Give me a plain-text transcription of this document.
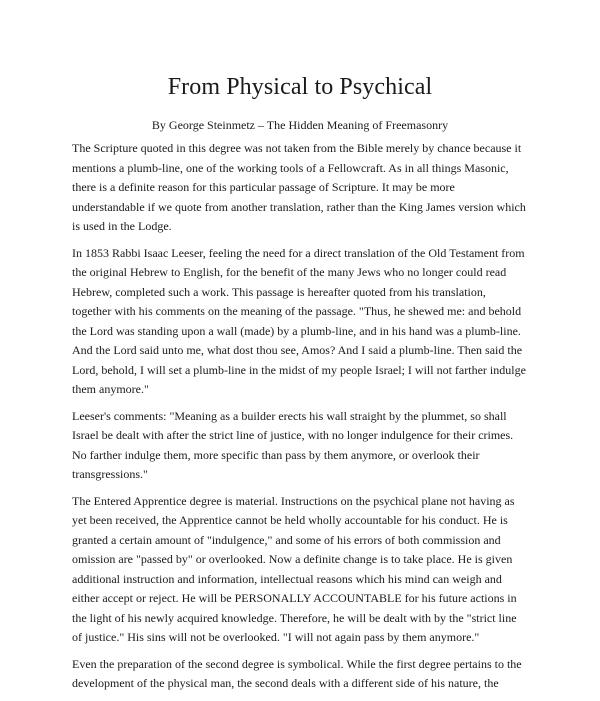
From Physical to Psychical

By George Steinmetz – The Hidden Meaning of Freemasonry

The Scripture quoted in this degree was not taken from the Bible merely by chance because it mentions a plumb-line, one of the working tools of a Fellowcraft. As in all things Masonic, there is a definite reason for this particular passage of Scripture. It may be more understandable if we quote from another translation, rather than the King James version which is used in the Lodge.

In 1853 Rabbi Isaac Leeser, feeling the need for a direct translation of the Old Testament from the original Hebrew to English, for the benefit of the many Jews who no longer could read Hebrew, completed such a work. This passage is hereafter quoted from his translation, together with his comments on the meaning of the passage. "Thus, he shewed me: and behold the Lord was standing upon a wall (made) by a plumb-line, and in his hand was a plumb-line. And the Lord said unto me, what dost thou see, Amos? And I said a plumb-line. Then said the Lord, behold, I will set a plumb-line in the midst of my people Israel; I will not farther indulge them anymore."

Leeser's comments: "Meaning as a builder erects his wall straight by the plummet, so shall Israel be dealt with after the strict line of justice, with no longer indulgence for their crimes. No farther indulge them, more specific than pass by them anymore, or overlook their transgressions."

The Entered Apprentice degree is material. Instructions on the psychical plane not having as yet been received, the Apprentice cannot be held wholly accountable for his conduct. He is granted a certain amount of "indulgence," and some of his errors of both commission and omission are "passed by" or overlooked. Now a definite change is to take place. He is given additional instruction and information, intellectual reasons which his mind can weigh and either accept or reject. He will be PERSONALLY ACCOUNTABLE for his future actions in the light of his newly acquired knowledge. Therefore, he will be dealt with by the "strict line of justice." His sins will not be overlooked. "I will not again pass by them anymore."

Even the preparation of the second degree is symbolical. While the first degree pertains to the development of the physical man, the second deals with a different side of his nature, the
